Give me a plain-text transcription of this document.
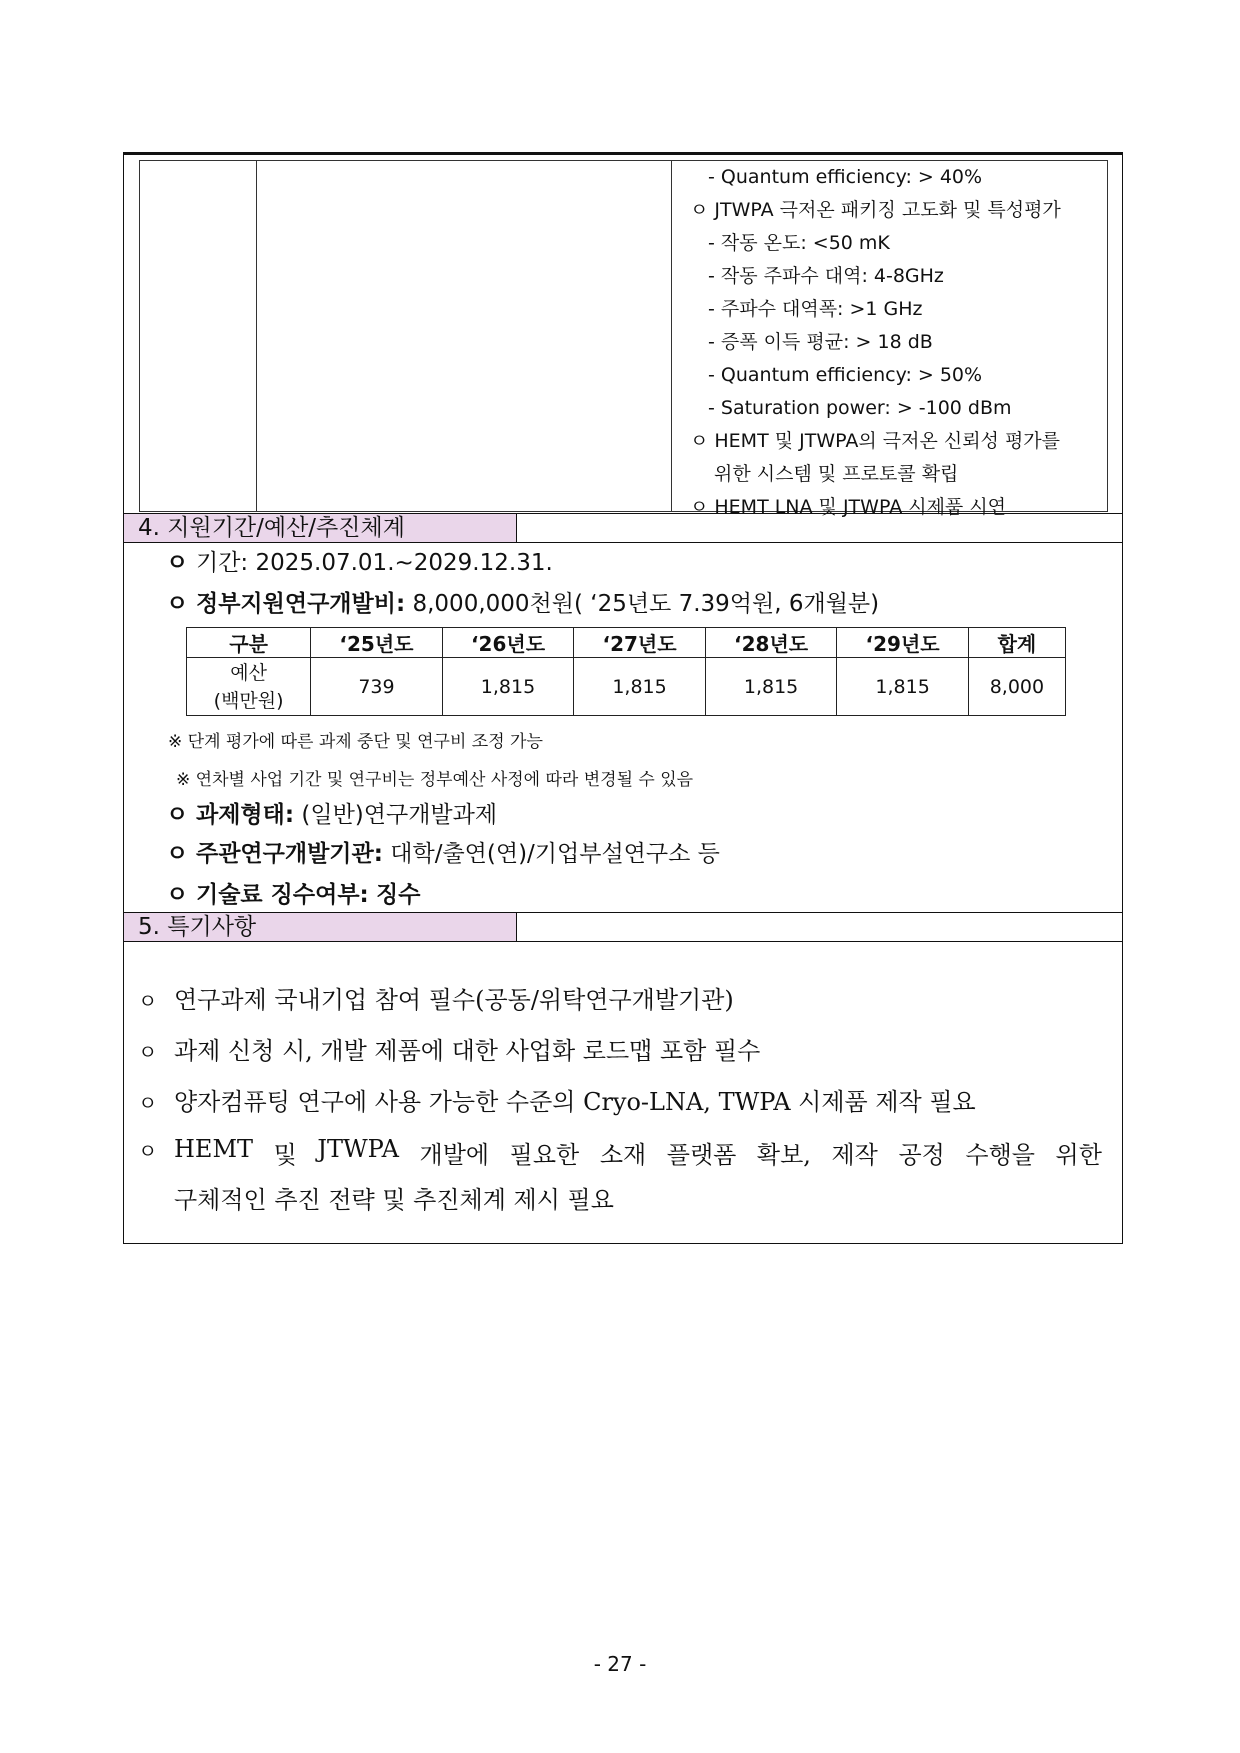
- Quantum efficiency: > 40%
ㅇ JTWPA 극저온 패키징 고도화 및 특성평가
- 작동 온도: <50 mK
- 작동 주파수 대역: 4-8GHz
- 주파수 대역폭: >1 GHz
- 증폭 이득 평균: > 18 dB
- Quantum efficiency: > 50%
- Saturation power: > -100 dBm
ㅇ HEMT 및 JTWPA의 극저온 신뢰성 평가를
위한 시스템 및 프로토콜 확립
ㅇ HEMT LNA 및 JTWPA 시제품 시연
4. 지원기간/예산/추진체계
ㅇ 기간: 2025.07.01.~2029.12.31.
ㅇ 정부지원연구개발비: 8,000,000천원( ‘25년도 7.39억원, 6개월분)
구분	‘25년도	‘26년도	‘27년도	‘28년도	‘29년도	합계

예산
(백만원)	739	1,815	1,815	1,815	1,815	8,000
※ 단계 평가에 따른 과제 중단 및 연구비 조정 가능
※ 연차별 사업 기간 및 연구비는 정부예산 사정에 따라 변경될 수 있음
ㅇ 과제형태: (일반)연구개발과제
ㅇ 주관연구개발기관: 대학/출연(연)/기업부설연구소 등
ㅇ 기술료 징수여부: 징수
5. 특기사항
ㅇ 연구과제 국내기업 참여 필수(공동/위탁연구개발기관)
ㅇ 과제 신청 시, 개발 제품에 대한 사업화 로드맵 포함 필수
ㅇ 양자컴퓨팅 연구에 사용 가능한 수준의 Cryo-LNA, TWPA 시제품 제작 필요
ㅇ HEMT 및 JTWPA 개발에 필요한 소재 플랫폼 확보, 제작 공정 수행을 위한
구체적인 추진 전략 및 추진체계 제시 필요
- 27 -
